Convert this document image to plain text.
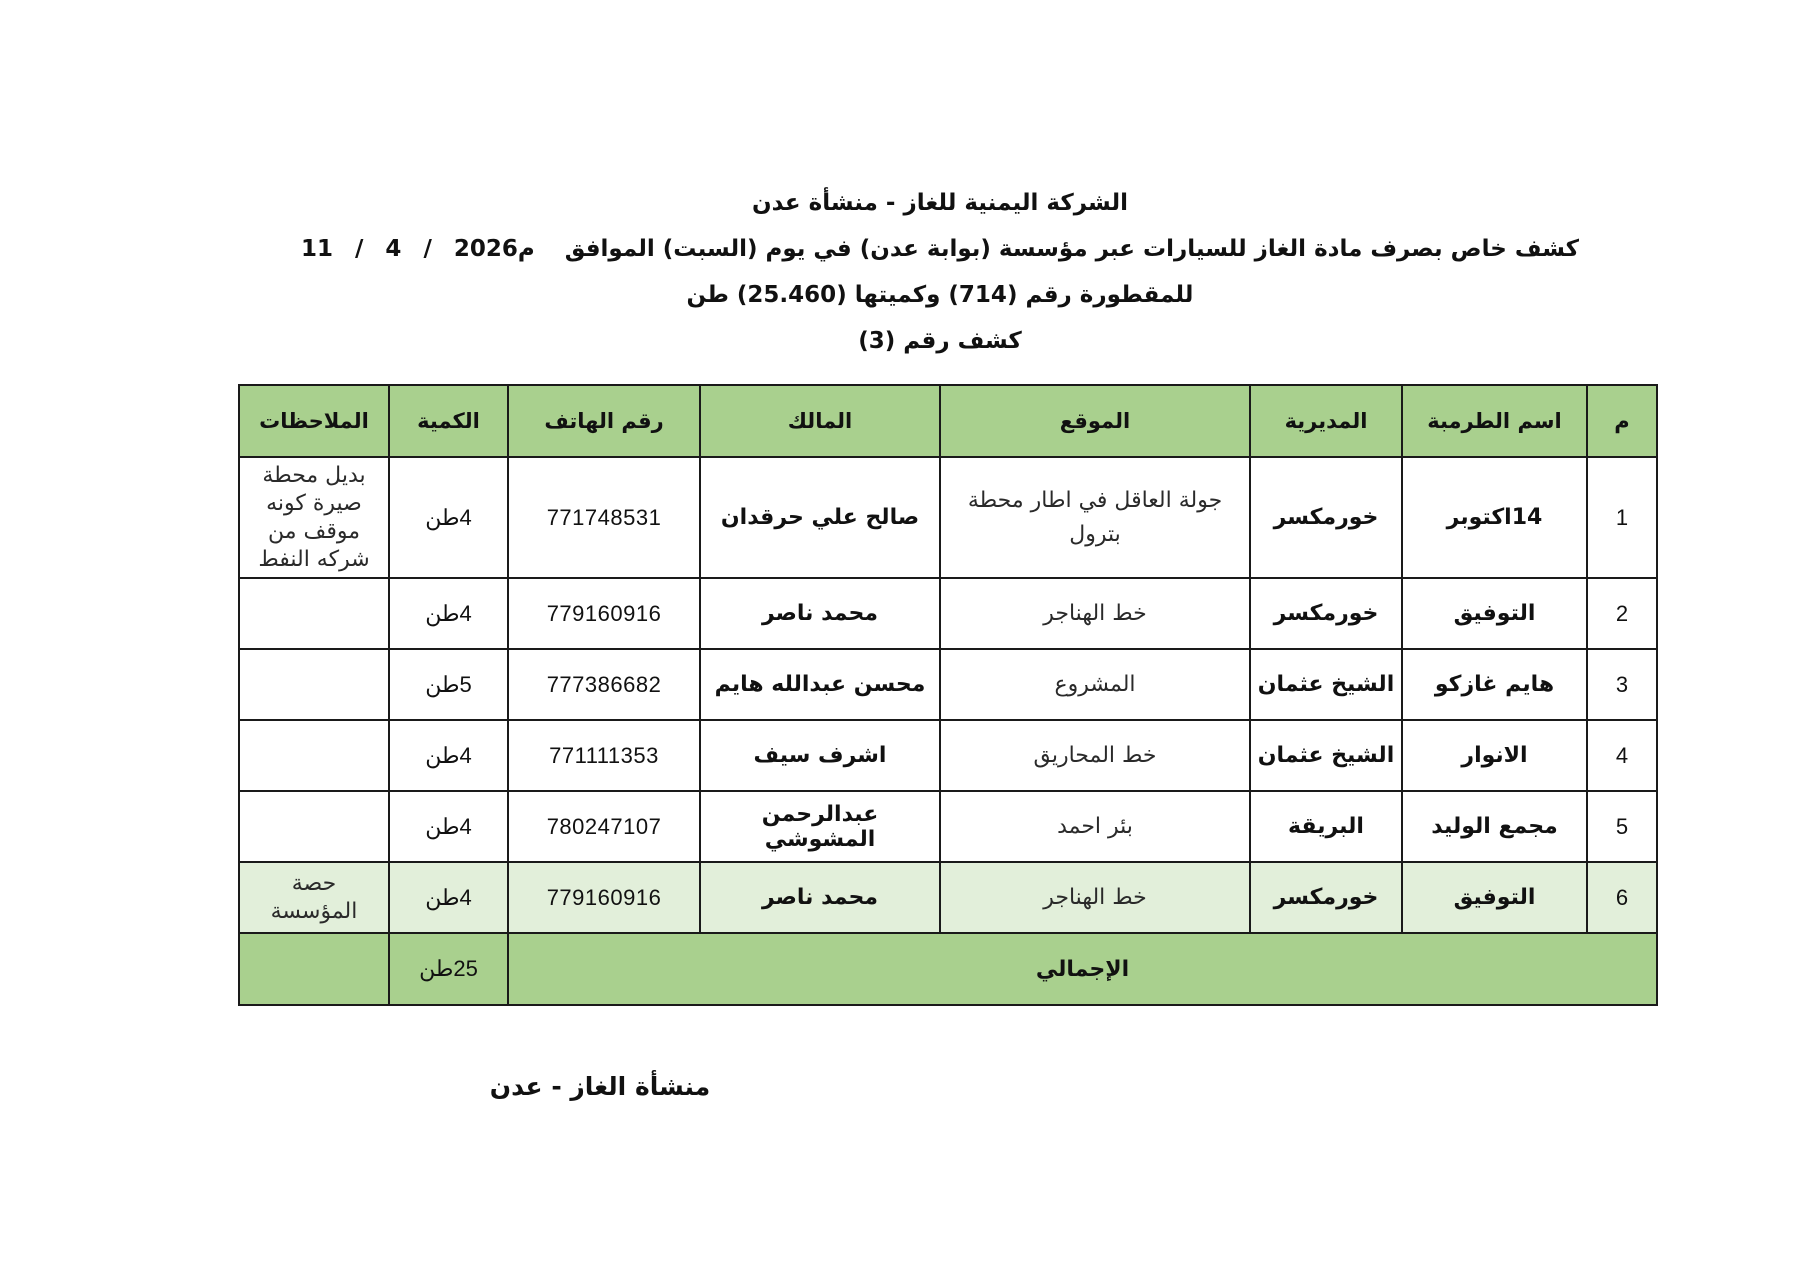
الشركة اليمنية للغاز - منشأة عدن
كشف خاص بصرف مادة الغاز للسيارات عبر مؤسسة (بوابة عدن) في يوم (السبت) الموافق 11 / 4 / 2026م
للمقطورة رقم (714) وكميتها (25.460) طن
كشف رقم (3)
م	اسم الطرمبة	المديرية	الموقع	المالك	رقم الهاتف	الكمية	الملاحظات
1	14اكتوبر	خورمكسر	جولة العاقل في اطار محطة بترول	صالح علي حرقدان	771748531	4طن	بديل محطة صيرة كونه موقف من شركه النفط
2	التوفيق	خورمكسر	خط الهناجر	محمد ناصر	779160916	4طن	
3	هايم غازكو	الشيخ عثمان	المشروع	محسن عبدالله هايم	777386682	5طن	
4	الانوار	الشيخ عثمان	خط المحاريق	اشرف سيف	771111353	4طن	
5	مجمع الوليد	البريقة	بئر احمد	عبدالرحمن المشوشي	780247107	4طن	
6	التوفيق	خورمكسر	خط الهناجر	محمد ناصر	779160916	4طن	حصة المؤسسة
الإجمالي						25طن	
منشأة الغاز - عدن
